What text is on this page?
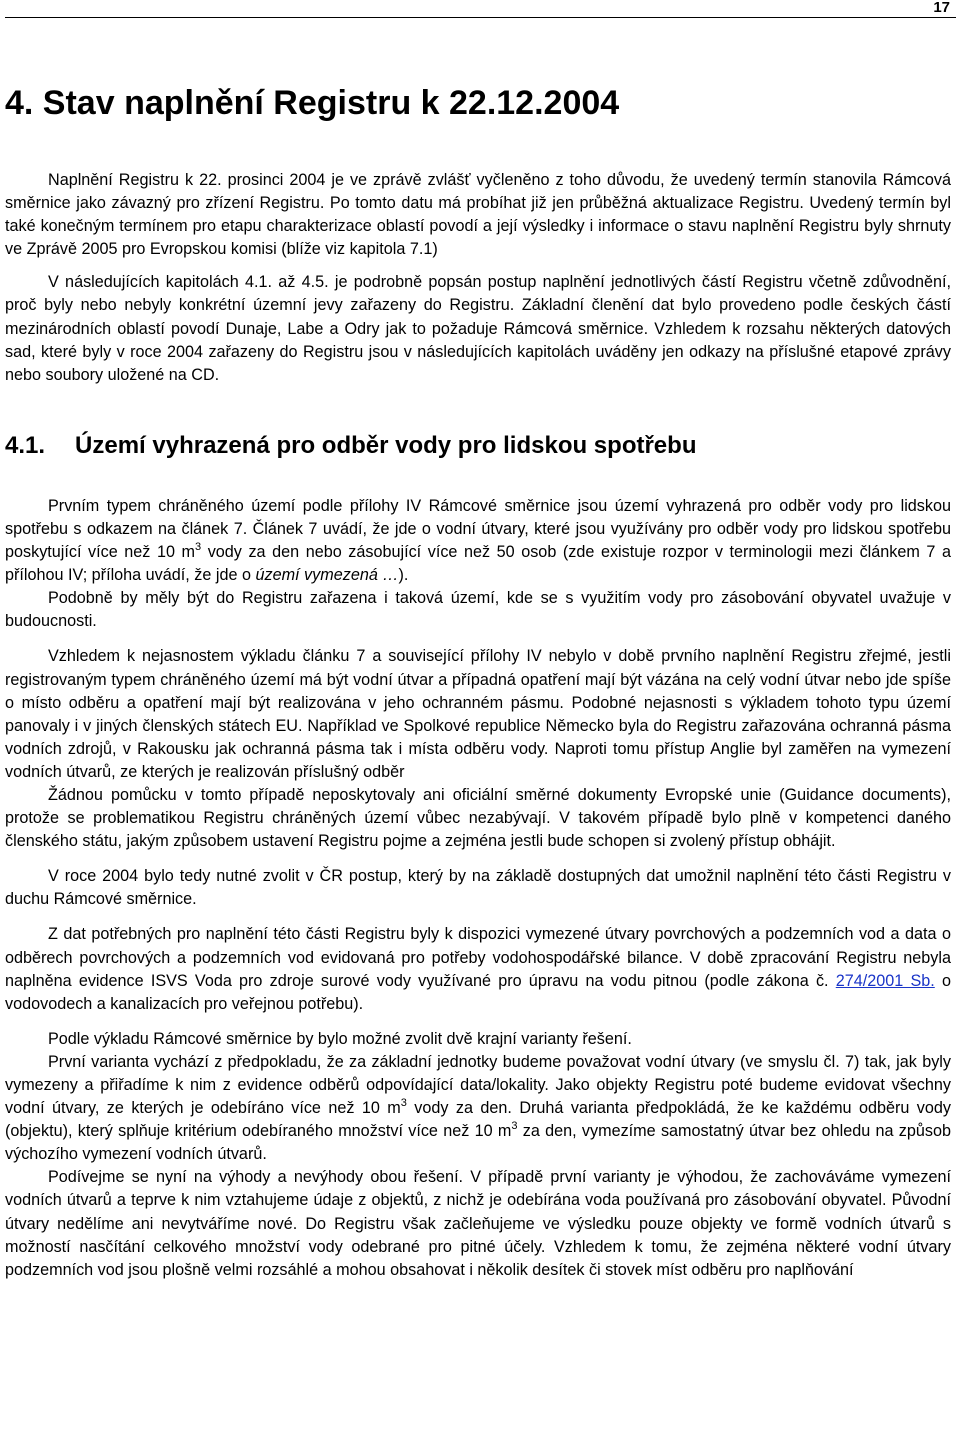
17
4. Stav naplnění Registru k 22.12.2004

Naplnění Registru k 22. prosinci 2004 je ve zprávě zvlášť vyčleněno z toho důvodu, že uvedený termín stanovila Rámcová směrnice jako závazný pro zřízení Registru. Po tomto datu má probíhat již jen průběžná aktualizace Registru. Uvedený termín byl také konečným termínem pro etapu charakterizace oblastí povodí a její výsledky i informace o stavu naplnění Registru byly shrnuty ve Zprávě 2005 pro Evropskou komisi (blíže viz kapitola 7.1)

V následujících kapitolách 4.1. až 4.5. je podrobně popsán postup naplnění jednotlivých částí Registru včetně zdůvodnění, proč byly nebo nebyly konkrétní územní jevy zařazeny do Registru. Základní členění dat bylo provedeno podle českých částí mezinárodních oblastí povodí Dunaje, Labe a Odry jak to požaduje Rámcová směrnice. Vzhledem k rozsahu některých datových sad, které byly v roce 2004 zařazeny do Registru jsou v následujících kapitolách uváděny jen odkazy na příslušné etapové zprávy nebo soubory uložené na CD.

4.1. Území vyhrazená pro odběr vody pro lidskou spotřebu

Prvním typem chráněného území podle přílohy IV Rámcové směrnice jsou území vyhrazená pro odběr vody pro lidskou spotřebu s odkazem na článek 7. Článek 7 uvádí, že jde o vodní útvary, které jsou využívány pro odběr vody pro lidskou spotřebu poskytující více než 10 $m^3$ vody za den nebo zásobující více než 50 osob (zde existuje rozpor v terminologii mezi článkem 7 a přílohou IV; příloha uvádí, že jde o území vymezená …).

Podobně by měly být do Registru zařazena i taková území, kde se s využitím vody pro zásobování obyvatel uvažuje v budoucnosti.

Vzhledem k nejasnostem výkladu článku 7 a související přílohy IV nebylo v době prvního naplnění Registru zřejmé, jestli registrovaným typem chráněného území má být vodní útvar a případná opatření mají být vázána na celý vodní útvar nebo jde spíše o místo odběru a opatření mají být realizována v jeho ochranném pásmu. Podobné nejasnosti s výkladem tohoto typu území panovaly i v jiných členských státech EU. Například ve Spolkové republice Německo byla do Registru zařazována ochranná pásma vodních zdrojů, v Rakousku jak ochranná pásma tak i místa odběru vody. Naproti tomu přístup Anglie byl zaměřen na vymezení vodních útvarů, ze kterých je realizován příslušný odběr

Žádnou pomůcku v tomto případě neposkytovaly ani oficiální směrné dokumenty Evropské unie (Guidance documents), protože se problematikou Registru chráněných území vůbec nezabývají. V takovém případě bylo plně v kompetenci daného členského státu, jakým způsobem ustavení Registru pojme a zejména jestli bude schopen si zvolený přístup obhájit.

V roce 2004 bylo tedy nutné zvolit v ČR postup, který by na základě dostupných dat umožnil naplnění této části Registru v duchu Rámcové směrnice.

Z dat potřebných pro naplnění této části Registru byly k dispozici vymezené útvary povrchových a podzemních vod a data o odběrech povrchových a podzemních vod evidovaná pro potřeby vodohospodářské bilance. V době zpracování Registru nebyla naplněna evidence ISVS Voda pro zdroje surové vody využívané pro úpravu na vodu pitnou (podle zákona č. 274/2001 Sb. o vodovodech a kanalizacích pro veřejnou potřebu).

Podle výkladu Rámcové směrnice by bylo možné zvolit dvě krajní varianty řešení.

První varianta vychází z předpokladu, že za základní jednotky budeme považovat vodní útvary (ve smyslu čl. 7) tak, jak byly vymezeny a přiřadíme k nim z evidence odběrů odpovídající data/lokality. Jako objekty Registru poté budeme evidovat všechny vodní útvary, ze kterých je odebíráno více než 10 $m^3$ vody za den. Druhá varianta předpokládá, že ke každému odběru vody (objektu), který splňuje kritérium odebíraného množství více než 10 $m^3$ za den, vymezíme samostatný útvar bez ohledu na způsob výchozího vymezení vodních útvarů.

Podívejme se nyní na výhody a nevýhody obou řešení. V případě první varianty je výhodou, že zachováváme vymezení vodních útvarů a teprve k nim vztahujeme údaje z objektů, z nichž je odebírána voda používaná pro zásobování obyvatel. Původní útvary nedělíme ani nevytváříme nové. Do Registru však začleňujeme ve výsledku pouze objekty ve formě vodních útvarů s možností nasčítání celkového množství vody odebrané pro pitné účely. Vzhledem k tomu, že zejména některé vodní útvary podzemních vod jsou plošně velmi rozsáhlé a mohou obsahovat i několik desítek či stovek míst odběru pro naplňování
